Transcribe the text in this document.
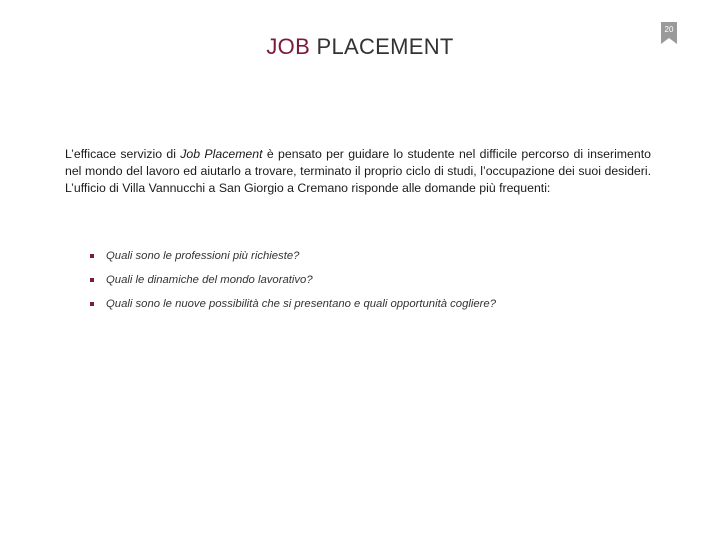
20
JOB PLACEMENT
L’efficace servizio di Job Placement è pensato per guidare lo studente nel difficile percorso di inserimento nel mondo del lavoro ed aiutarlo a trovare, terminato il proprio ciclo di studi, l’occupazione dei suoi desideri. L’ufficio di Villa Vannucchi a San Giorgio a Cremano risponde alle domande più frequenti:
Quali sono le professioni più richieste?
Quali le dinamiche del mondo lavorativo?
Quali sono le nuove possibilità che si presentano e quali opportunità cogliere?
